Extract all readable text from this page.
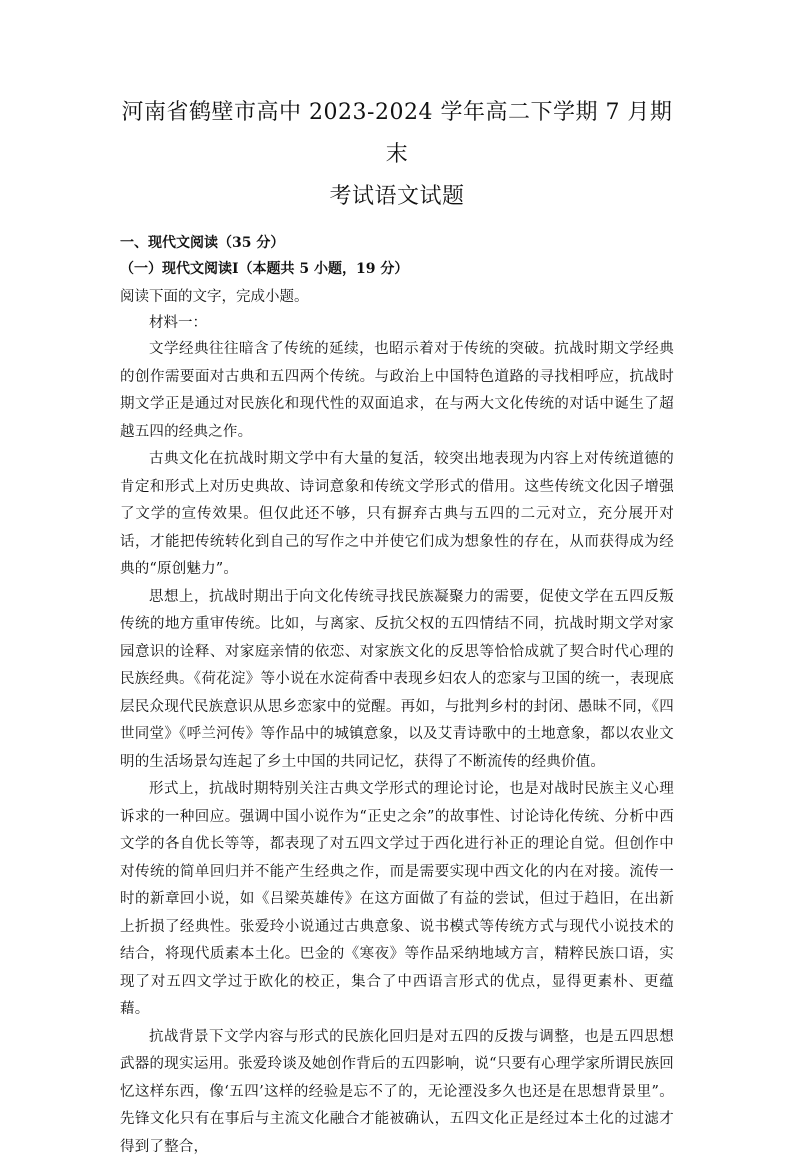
河南省鹤壁市高中 2023-2024 学年高二下学期 7 月期末
考试语文试题

一、现代文阅读（35 分）

（一）现代文阅读Ⅰ（本题共 5 小题，19 分）

阅读下面的文字，完成小题。

材料一：

文学经典往往暗含了传统的延续，也昭示着对于传统的突破。抗战时期文学经典的创作需要面对古典和五四两个传统。与政治上中国特色道路的寻找相呼应，抗战时期文学正是通过对民族化和现代性的双面追求，在与两大文化传统的对话中诞生了超越五四的经典之作。

古典文化在抗战时期文学中有大量的复活，较突出地表现为内容上对传统道德的肯定和形式上对历史典故、诗词意象和传统文学形式的借用。这些传统文化因子增强了文学的宣传效果。但仅此还不够，只有摒弃古典与五四的二元对立，充分展开对话，才能把传统转化到自己的写作之中并使它们成为想象性的存在，从而获得成为经典的“原创魅力”。

思想上，抗战时期出于向文化传统寻找民族凝聚力的需要，促使文学在五四反叛传统的地方重审传统。比如，与离家、反抗父权的五四情结不同，抗战时期文学对家园意识的诠释、对家庭亲情的依恋、对家族文化的反思等恰恰成就了契合时代心理的民族经典。《荷花淀》等小说在水淀荷香中表现乡妇农人的恋家与卫国的统一，表现底层民众现代民族意识从思乡恋家中的觉醒。再如，与批判乡村的封闭、愚昧不同，《四世同堂》《呼兰河传》等作品中的城镇意象，以及艾青诗歌中的土地意象，都以农业文明的生活场景勾连起了乡土中国的共同记忆，获得了不断流传的经典价值。

形式上，抗战时期特别关注古典文学形式的理论讨论，也是对战时民族主义心理诉求的一种回应。强调中国小说作为“正史之余”的故事性、讨论诗化传统、分析中西文学的各自优长等等，都表现了对五四文学过于西化进行补正的理论自觉。但创作中对传统的简单回归并不能产生经典之作，而是需要实现中西文化的内在对接。流传一时的新章回小说，如《吕梁英雄传》在这方面做了有益的尝试，但过于趋旧，在出新上折损了经典性。张爱玲小说通过古典意象、说书模式等传统方式与现代小说技术的结合，将现代质素本土化。巴金的《寒夜》等作品采纳地域方言，精粹民族口语，实现了对五四文学过于欧化的校正，集合了中西语言形式的优点，显得更素朴、更蕴藉。

抗战背景下文学内容与形式的民族化回归是对五四的反拨与调整，也是五四思想武器的现实运用。张爱玲谈及她创作背后的五四影响，说“只要有心理学家所谓民族回忆这样东西，像‘五四’这样的经验是忘不了的，无论湮没多久也还是在思想背景里”。先锋文化只有在事后与主流文化融合才能被确认，五四文化正是经过本土化的过滤才得到了整合，
